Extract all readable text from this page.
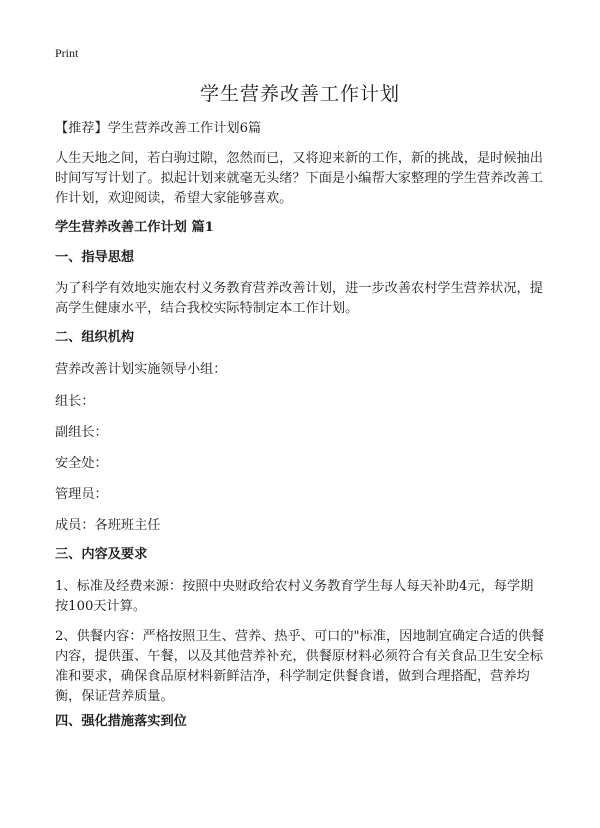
Print
学生营养改善工作计划
【推荐】学生营养改善工作计划6篇
人生天地之间，若白驹过隙，忽然而已，又将迎来新的工作，新的挑战，是时候抽出时间写写计划了。拟起计划来就毫无头绪？下面是小编帮大家整理的学生营养改善工作计划，欢迎阅读，希望大家能够喜欢。
学生营养改善工作计划 篇1
一、指导思想
为了科学有效地实施农村义务教育营养改善计划，进一步改善农村学生营养状况，提高学生健康水平，结合我校实际特制定本工作计划。
二、组织机构
营养改善计划实施领导小组：
组长：
副组长：
安全处：
管理员：
成员：各班班主任
三、内容及要求
1、标准及经费来源：按照中央财政给农村义务教育学生每人每天补助4元，每学期按100天计算。
2、供餐内容：严格按照卫生、营养、热乎、可口的"标准，因地制宜确定合适的供餐内容，提供蛋、午餐，以及其他营养补充，供餐原材料必须符合有关食品卫生安全标准和要求，确保食品原材料新鲜洁净，科学制定供餐食谱，做到合理搭配，营养均衡，保证营养质量。
四、强化措施落实到位
